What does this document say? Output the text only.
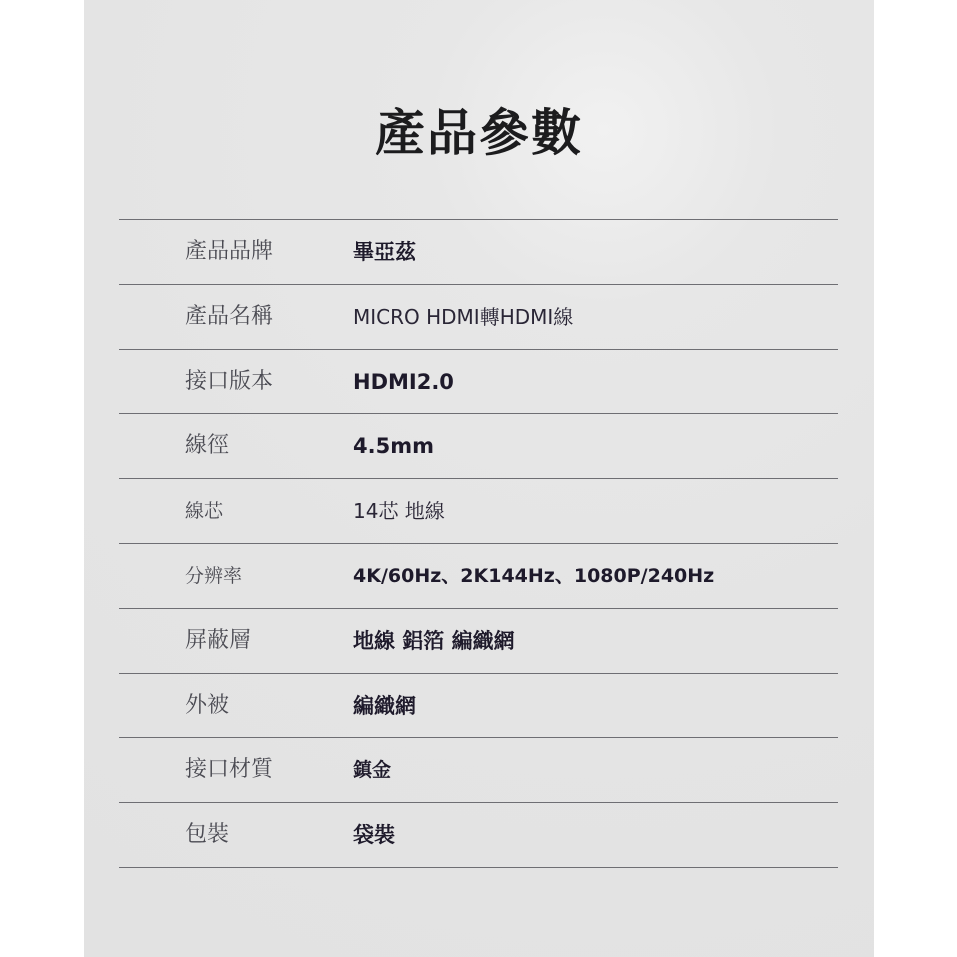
產品參數
產品品牌	畢亞茲
產品名稱	MICRO HDMI轉HDMI線
接口版本	HDMI2.0
線徑	4.5mm
線芯	14芯 地線
分辨率	4K/60Hz、2K144Hz、1080P/240Hz
屏蔽層	地線 鋁箔 編織網
外被	編織網
接口材質	鎮金
包裝	袋裝
